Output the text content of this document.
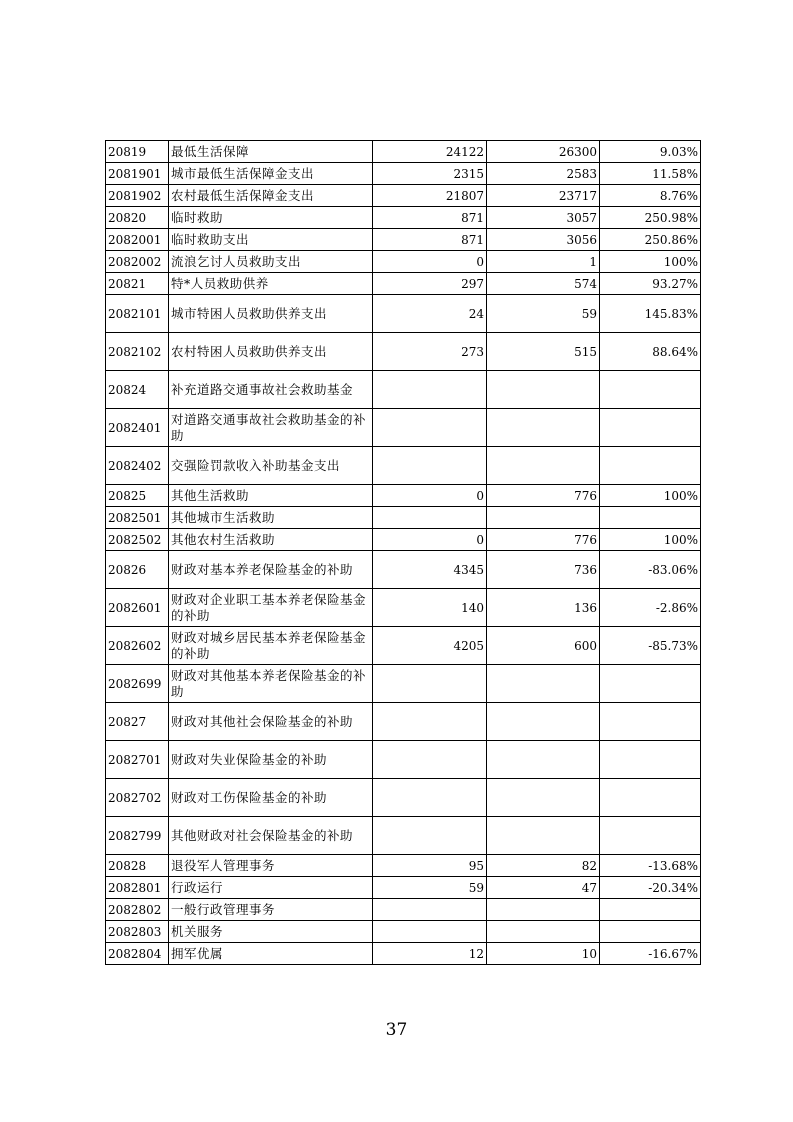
20819	最低生活保障	24122	26300	9.03%
2081901	城市最低生活保障金支出	2315	2583	11.58%
2081902	农村最低生活保障金支出	21807	23717	8.76%
20820	临时救助	871	3057	250.98%
2082001	临时救助支出	871	3056	250.86%
2082002	流浪乞讨人员救助支出	0	1	100%
20821	特*人员救助供养	297	574	93.27%
2082101	城市特困人员救助供养支出	24	59	145.83%
2082102	农村特困人员救助供养支出	273	515	88.64%
20824	补充道路交通事故社会救助基金			
2082401	对道路交通事故社会救助基金的补助			
2082402	交强险罚款收入补助基金支出			
20825	其他生活救助	0	776	100%
2082501	其他城市生活救助			
2082502	其他农村生活救助	0	776	100%
20826	财政对基本养老保险基金的补助	4345	736	-83.06%
2082601	财政对企业职工基本养老保险基金的补助	140	136	-2.86%
2082602	财政对城乡居民基本养老保险基金的补助	4205	600	-85.73%
2082699	财政对其他基本养老保险基金的补助			
20827	财政对其他社会保险基金的补助			
2082701	财政对失业保险基金的补助			
2082702	财政对工伤保险基金的补助			
2082799	其他财政对社会保险基金的补助			
20828	退役军人管理事务	95	82	-13.68%
2082801	行政运行	59	47	-20.34%
2082802	一般行政管理事务			
2082803	机关服务			
2082804	拥军优属	12	10	-16.67%
37
